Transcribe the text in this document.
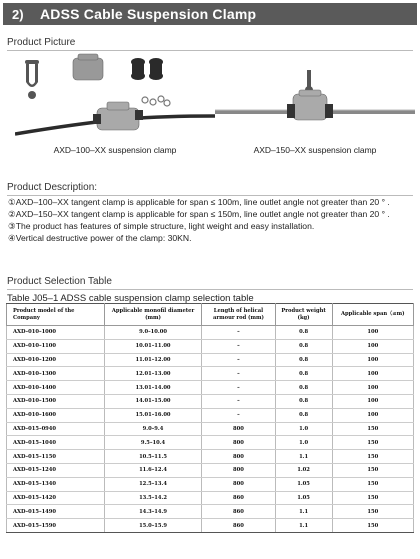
2)	ADSS Cable Suspension Clamp
Product Picture
AXD–100–XX suspension clamp	AXD–150–XX suspension clamp
Product Description:
①AXD–100–XX tangent clamp is applicable for span ≤ 100m, line outlet angle not greater than 20 ° .
②AXD–150–XX tangent clamp is applicable for span ≤ 150m, line outlet angle not greater than 20 ° .
③The product has features of simple structure, light weight and easy installation.
④Vertical destructive power of the clamp: 30KN.
Product Selection Table
Table J05–1 ADSS cable suspension clamp selection table
Product model of the Company	Applicable monofil diameter (mm)	Length of helical armour rod (mm)	Product weight (kg)	Applicable span（≤m)
AXD–010–1000	9.0–10.00	–	0.8	100
AXD–010–1100	10.01–11.00	–	0.8	100
AXD–010–1200	11.01–12.00	–	0.8	100
AXD–010–1300	12.01–13.00	–	0.8	100
AXD–010–1400	13.01–14.00	–	0.8	100
AXD–010–1500	14.01–15.00	–	0.8	100
AXD–010–1600	15.01–16.00	–	0.8	100
AXD–015–0940	9.0–9.4	800	1.0	150
AXD–015–1040	9.5–10.4	800	1.0	150
AXD–015–1150	10.5–11.5	800	1.1	150
AXD–015–1240	11.6–12.4	800	1.02	150
AXD–015–1340	12.5–13.4	800	1.05	150
AXD–015–1420	13.5–14.2	860	1.05	150
AXD–015–1490	14.3–14.9	860	1.1	150
AXD–015–1590	15.0–15.9	860	1.1	150
